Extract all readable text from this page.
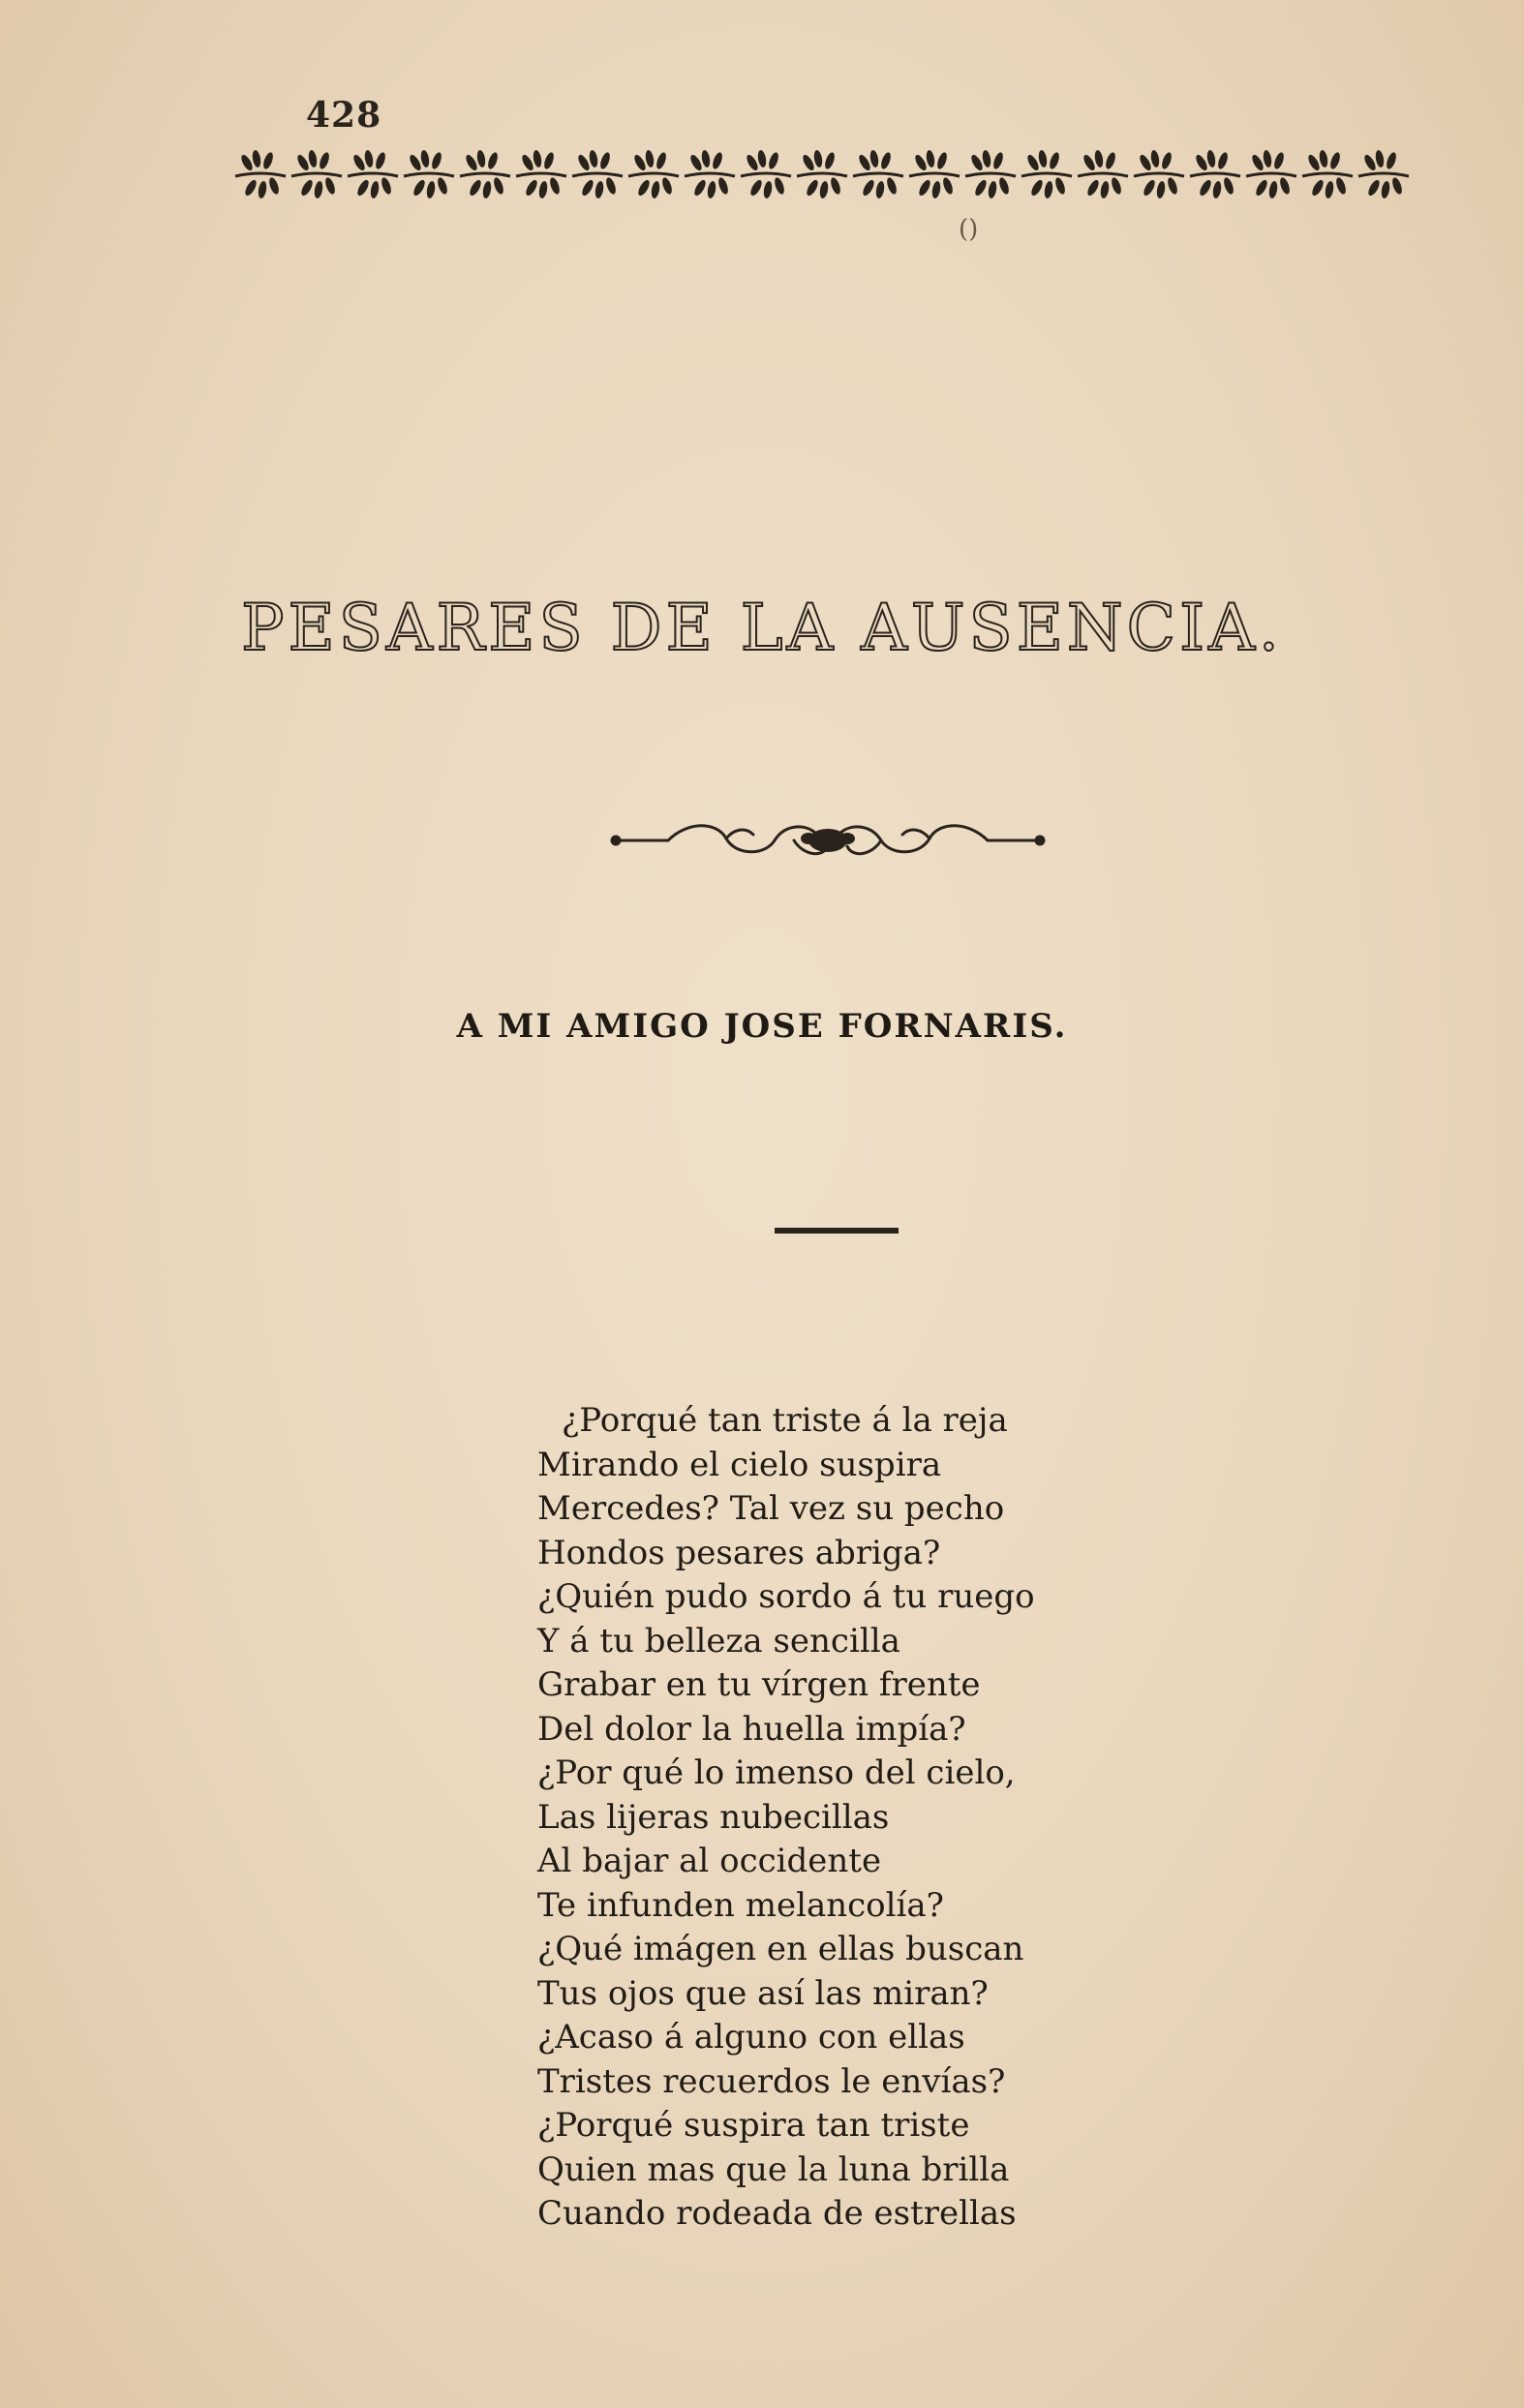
428
()
PESARES DE LA AUSENCIA.
A MI AMIGO JOSE FORNARIS.
¿Porqué tan triste á la reja
Mirando el cielo suspira
Mercedes? Tal vez su pecho
Hondos pesares abriga?
¿Quién pudo sordo á tu ruego
Y á tu belleza sencilla
Grabar en tu vírgen frente
Del dolor la huella impía?
¿Por qué lo imenso del cielo,
Las lijeras nubecillas
Al bajar al occidente
Te infunden melancolía?
¿Qué imágen en ellas buscan
Tus ojos que así las miran?
¿Acaso á alguno con ellas
Tristes recuerdos le envías?
¿Porqué suspira tan triste
Quien mas que la luna brilla
Cuando rodeada de estrellas
